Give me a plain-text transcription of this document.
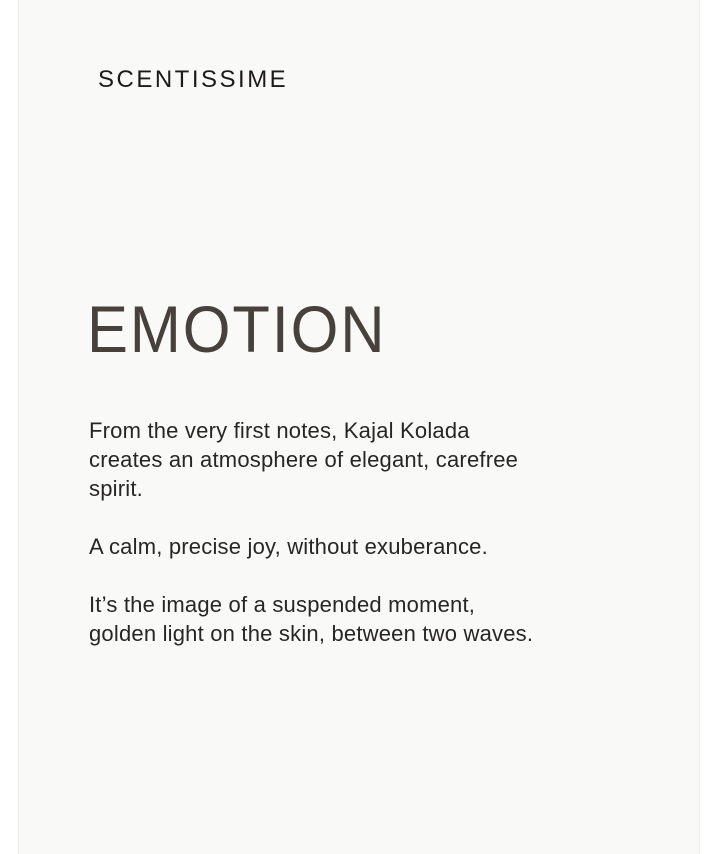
SCENTISSIME
EMOTION

From the very first notes, Kajal Kolada
creates an atmosphere of elegant, carefree
spirit.

A calm, precise joy, without exuberance.

It’s the image of a suspended moment,
golden light on the skin, between two waves.
